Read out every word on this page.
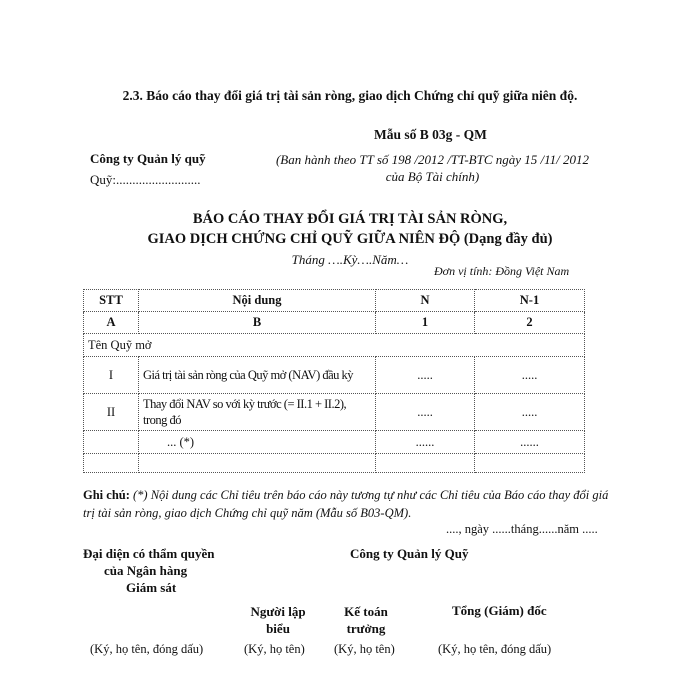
2.3. Báo cáo thay đổi giá trị tài sản ròng, giao dịch Chứng chỉ quỹ giữa niên độ.
Mẫu số B 03g - QM
Công ty Quản lý quỹ
Quỹ:..........................
(Ban hành theo TT số 198 /2012 /TT-BTC ngày 15 /11/ 2012 của Bộ Tài chính)
BÁO CÁO THAY ĐỔI GIÁ TRỊ TÀI SẢN RÒNG,
GIAO DỊCH CHỨNG CHỈ QUỸ GIỮA NIÊN ĐỘ (Dạng đầy đủ)
Tháng ….Kỳ….Năm…
Đơn vị tính: Đồng Việt Nam
STT	Nội dung	N	N-1
A	B	1	2
Tên Quỹ mở			
I	Giá trị tài sản ròng của Quỹ mở (NAV) đầu kỳ	.....	.....
II	Thay đổi NAV so với kỳ trước (= II.1 + II.2), trong đó	.....	.....
	... (*)	......	......

Ghi chú: (*) Nội dung các Chỉ tiêu trên báo cáo này tương tự như các Chỉ tiêu của Báo cáo thay đổi giá trị tài sản ròng, giao dịch Chứng chỉ quỹ năm (Mẫu số B03-QM).
...., ngày ......tháng......năm .....
Đại diện có thẩm quyền
của Ngân hàng
Giám sát
Công ty Quản lý Quỹ
Người lập biểu
Kế toán trưởng
Tổng (Giám) đốc
(Ký, họ tên, đóng dấu)	(Ký, họ tên) (Ký, họ tên)	(Ký, họ tên, đóng dấu)
